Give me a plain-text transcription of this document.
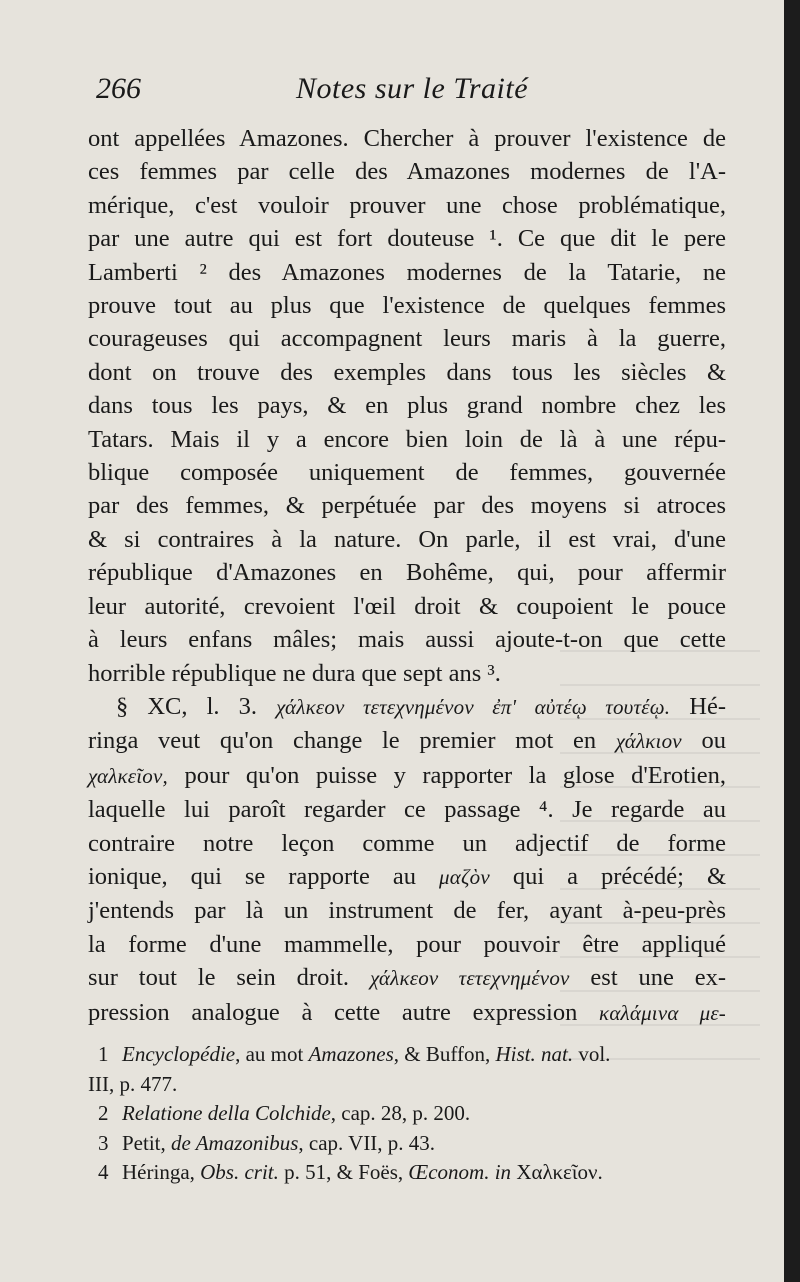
266	Notes sur le Traité
ont appellées Amazones. Chercher à prouver l'existence de
ces femmes par celle des Amazones modernes de l'A-
mérique, c'est vouloir prouver une chose problématique,
par une autre qui est fort douteuse ¹. Ce que dit le pere
Lamberti ² des Amazones modernes de la Tatarie, ne
prouve tout au plus que l'existence de quelques femmes
courageuses qui accompagnent leurs maris à la guerre,
dont on trouve des exemples dans tous les siècles &
dans tous les pays, & en plus grand nombre chez les
Tatars. Mais il y a encore bien loin de là à une répu-
blique composée uniquement de femmes, gouvernée
par des femmes, & perpétuée par des moyens si atroces
& si contraires à la nature. On parle, il est vrai, d'une
république d'Amazones en Bohême, qui, pour affermir
leur autorité, crevoient l'œil droit & coupoient le pouce
à leurs enfans mâles; mais aussi ajoute-t-on que cette
horrible république ne dura que sept ans ³.
§ XC, l. 3. χάλκεον τετεχνημένον ἐπ' αὐτέῳ τουτέῳ. Hé-
ringa veut qu'on change le premier mot en χάλκιον ou
χαλκεῖον, pour qu'on puisse y rapporter la glose d'Erotien,
laquelle lui paroît regarder ce passage ⁴. Je regarde au
contraire notre leçon comme un adjectif de forme
ionique, qui se rapporte au μαζὸν qui a précédé; &
j'entends par là un instrument de fer, ayant à-peu-près
la forme d'une mammelle, pour pouvoir être appliqué
sur tout le sein droit. χάλκεον τετεχνημένον est une ex-
pression analogue à cette autre expression καλάμινα με-
1 Encyclopédie, au mot Amazones, & Buffon, Hist. nat. vol.
III, p. 477.
2 Relatione della Colchide, cap. 28, p. 200.
3 Petit, de Amazonibus, cap. VII, p. 43.
4 Héringa, Obs. crit. p. 51, & Foës, Œconom. in Χαλκεῖον.
